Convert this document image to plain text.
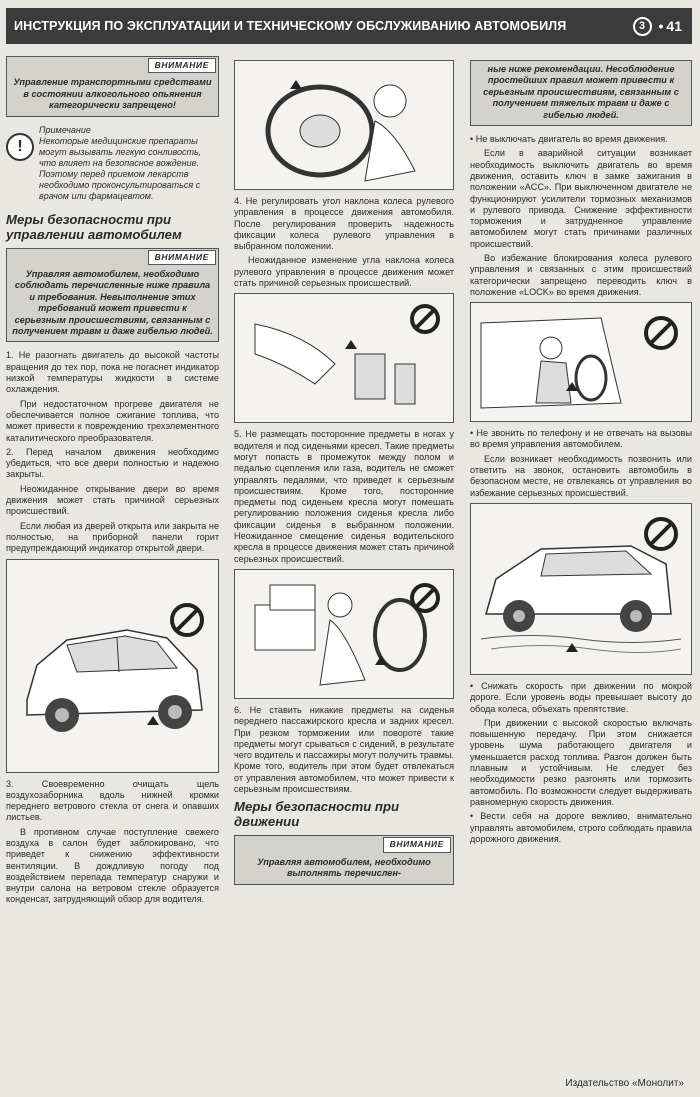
ИНСТРУКЦИЯ ПО ЭКСПЛУАТАЦИИ И ТЕХНИЧЕСКОМУ ОБСЛУЖИВАНИЮ АВТОМОБИЛЯ	3 • 41
ВНИМАНИЕ
Управление транспортными средствами в состоянии алкогольного опьянения категорически запрещено!
!
Примечание
Некоторые медицинские препараты могут вызывать легкую сонливость, что влияет на безопасное вождение. Поэтому перед приемом лекарств необходимо проконсультироваться с врачом или фармацевтом.
Меры безопасности при управлении автомобилем
ВНИМАНИЕ
Управляя автомобилем, необходимо соблюдать перечисленные ниже правила и требования. Невыполнение этих требований может привести к серьезным происшествиям, связанным с получением травм и даже гибелью людей.

1. Не разогнать двигатель до высокой частоты вращения до тех пор, пока не погаснет индикатор низкой температуры жидкости в системе охлаждения.

При недостаточном прогреве двигателя не обеспечивается полное сжигание топлива, что может привести к повреждению трехэлементного каталитического преобразователя.

2. Перед началом движения необходимо убедиться, что все двери полностью и надежно закрыты.

Неожиданное открывание двери во время движения может стать причиной серьезных происшествий.

Если любая из дверей открыта или закрыта не полностью, на приборной панели горит предупреждающий индикатор открытой двери.

3. Своевременно очищать щель воздухозаборника вдоль нижней кромки переднего ветрового стекла от снега и опавших листьев.

В противном случае поступление свежего воздуха в салон будет заблокировано, что приведет к снижению эффективности вентиляции. В дождливую погоду под воздействием перепада температур снаружи и внутри салона на ветровом стекле образуется конденсат, затрудняющий обзор для водителя.

4. Не регулировать угол наклона колеса рулевого управления в процессе движения автомобиля. После регулирования проверить надежность фиксации колеса рулевого управления в выбранном положении.

Неожиданное изменение угла наклона колеса рулевого управления в процессе движения может стать причиной серьезных происшествий.

5. Не размещать посторонние предметы в ногах у водителя и под сиденьями кресел. Такие предметы могут попасть в промежуток между полом и педалью сцепления или газа, водитель не сможет управлять педалями, что приведет к серьезным происшествиям. Кроме того, посторонние предметы под сиденьем кресла могут помешать регулированию положения сиденья кресла либо фиксации сиденья в выбранном положении. Неожиданное смещение сиденья водительского кресла в процессе движения может стать причиной серьезных происшествий.

6. Не ставить никакие предметы на сиденья переднего пассажирского кресла и задних кресел. При резком торможении или повороте такие предметы могут срываться с сидений, в результате чего водитель и пассажиры могут получить травмы. Кроме того, водитель при этом будет отвлекаться от управления автомобилем, что может привести к серьезным происшествиям.

Меры безопасности при движении
ВНИМАНИЕ
Управляя автомобилем, необходимо выполнять перечислен-
ные ниже рекомендации. Несоблюдение простейших правил может привести к серьезным происшествиям, связанным с получением тяжелых травм и даже с гибелью людей.

• Не выключать двигатель во время движения.

Если в аварийной ситуации возникает необходимость выключить двигатель во время движения, оставить ключ в замке зажигания в положении «ACC». При выключенном двигателе не функционируют усилители тормозных механизмов и рулевого привода. Снижение эффективности торможения и затрудненное управление автомобилем могут стать причинами различных происшествий.

Во избежание блокирования колеса рулевого управления и связанных с этим происшествий категорически запрещено переводить ключ в положение «LOCK» во время движения.

• Не звонить по телефону и не отвечать на вызовы во время управления автомобилем.

Если возникает необходимость позвонить или ответить на звонок, остановить автомобиль в безопасном месте, не отвлекаясь от управления во избежание серьезных происшествий.

• Снижать скорость при движении по мокрой дороге. Если уровень воды превышает высоту до обода колеса, объехать препятствие.

При движении с высокой скоростью включать повышенную передачу. При этом снижается уровень шума работающего двигателя и уменьшается расход топлива. Разгон должен быть плавным и устойчивым. Не следует без необходимости резко разгонять или тормозить автомобиль. По возможности следует выдерживать равномерную скорость движения.

• Вести себя на дороге вежливо, внимательно управлять автомобилем, строго соблюдать правила дорожного движения.

Издательство «Монолит»
